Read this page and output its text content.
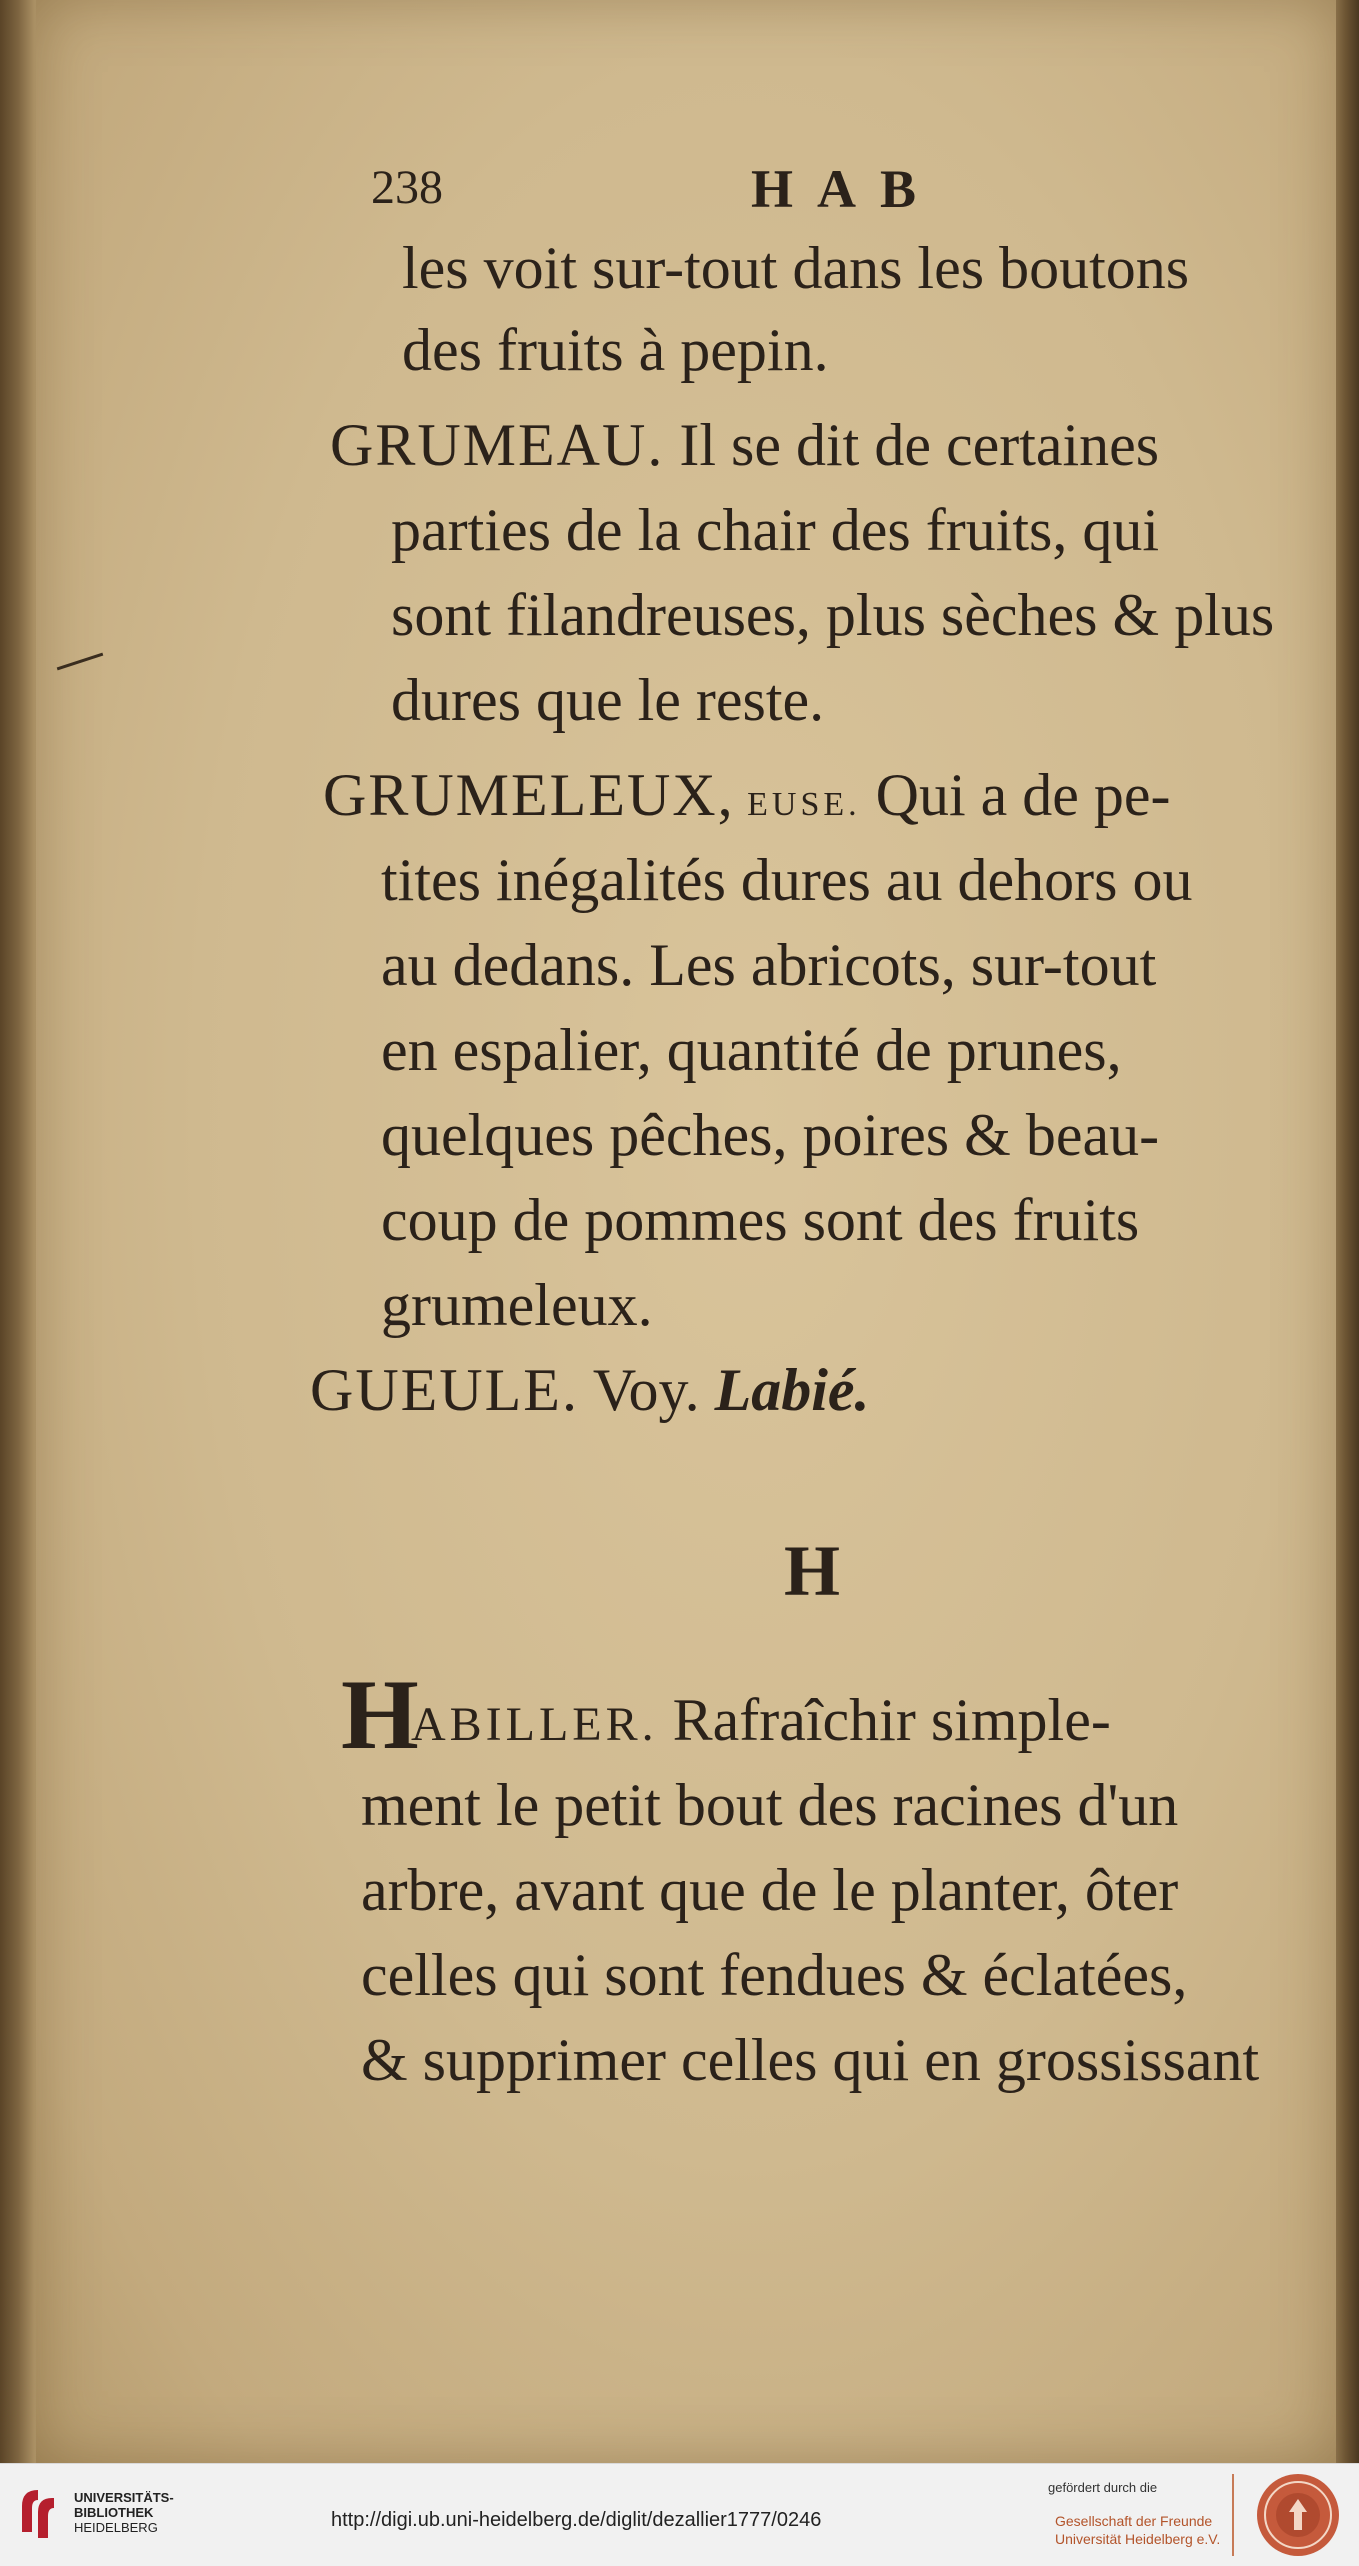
238	HAB
les voit sur-tout dans les boutons
des fruits à pepin.
GRUMEAU. Il se dit de certaines
parties de la chair des fruits, qui
sont filandreuses, plus sèches & plus
dures que le reste.
GRUMELEUX, EUSE. Qui a de pe-
tites inégalités dures au dehors ou
au dedans. Les abricots, sur-tout
en espalier, quantité de prunes,
quelques pêches, poires & beau-
coup de pommes sont des fruits
grumeleux.
GUEULE. Voy. Labié.
H
H
ABILLER. Rafraîchir simple-
ment le petit bout des racines d'un
arbre, avant que de le planter, ôter
celles qui sont fendues & éclatées,
& supprimer celles qui en grossissant
UNIVERSITÄTS-
BIBLIOTHEK
HEIDELBERG	http://digi.ub.uni-heidelberg.de/diglit/dezallier1777/0246
gefördert durch die
Gesellschaft der Freunde
Universität Heidelberg e.V.
